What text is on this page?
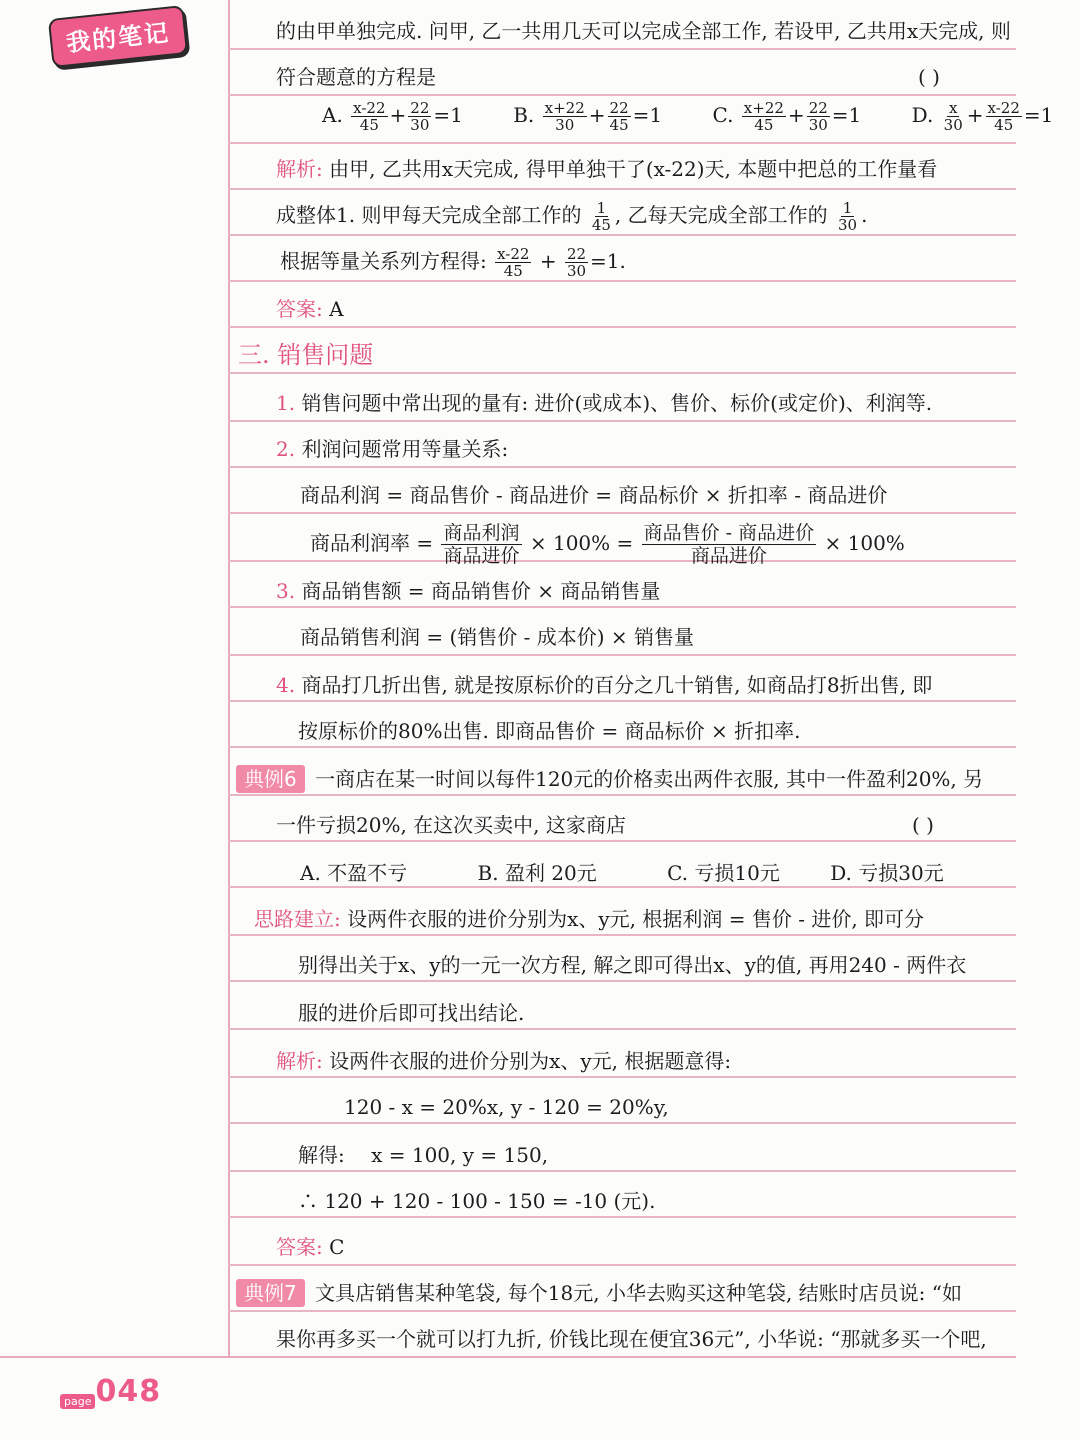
我的笔记	的由甲单独完成. 问甲, 乙一共用几天可以完成全部工作, 若设甲, 乙共用x天完成, 则
符合题意的方程是	( )
A. $\frac{x-22}{45} + \frac{22}{30} =1$	B. $\frac{x+22}{30} + \frac{22}{45} =1$	C. $\frac{x+22}{45} + \frac{22}{30} =1$	D. $\frac{x}{30} + \frac{x-22}{45} =1$
解析: 由甲, 乙共用x天完成, 得甲单独干了(x-22)天, 本题中把总的工作量看
成整体1. 则甲每天完成全部工作的 $\frac{1}{45}$ , 乙每天完成全部工作的 $\frac{1}{30}$ .
根据等量关系列方程得: $\frac{x-22}{45} + \frac{22}{30} =1$.
答案: A
三. 销售问题
1. 销售问题中常出现的量有: 进价(或成本)、售价、标价(或定价)、利润等.
2. 利润问题常用等量关系:
商品利润 = 商品售价 - 商品进价 = 商品标价 × 折扣率 - 商品进价
商品利润率 = $\frac{\text{商品利润}}{\text{商品进价}} \times 100\% = \frac{\text{商品售价 - 商品进价}}{\text{商品进价}} \times 100\%$
3. 商品销售额 = 商品销售价 × 商品销售量
商品销售利润 = (销售价 - 成本价) × 销售量
4. 商品打几折出售, 就是按原标价的百分之几十销售, 如商品打8折出售, 即
按原标价的80%出售. 即商品售价 = 商品标价 × 折扣率.
典例6 一商店在某一时间以每件120元的价格卖出两件衣服, 其中一件盈利20%, 另
一件亏损20%, 在这次买卖中, 这家商店	( )
A. 不盈不亏	B. 盈利 20元	C. 亏损10元	D. 亏损30元
思路建立: 设两件衣服的进价分别为x、y元, 根据利润 = 售价 - 进价, 即可分
别得出关于x、y的一元一次方程, 解之即可得出x、y的值, 再用240 - 两件衣
服的进价后即可找出结论.
解析: 设两件衣服的进价分别为x、y元, 根据题意得:
120 - x = 20%x, y - 120 = 20%y,
解得: x = 100, y = 150,
∴ 120 + 120 - 100 - 150 = -10 (元).
答案: C
典例7 文具店销售某种笔袋, 每个18元, 小华去购买这种笔袋, 结账时店员说: “如
果你再多买一个就可以打九折, 价钱比现在便宜36元”, 小华说: “那就多买一个吧,
page 048
